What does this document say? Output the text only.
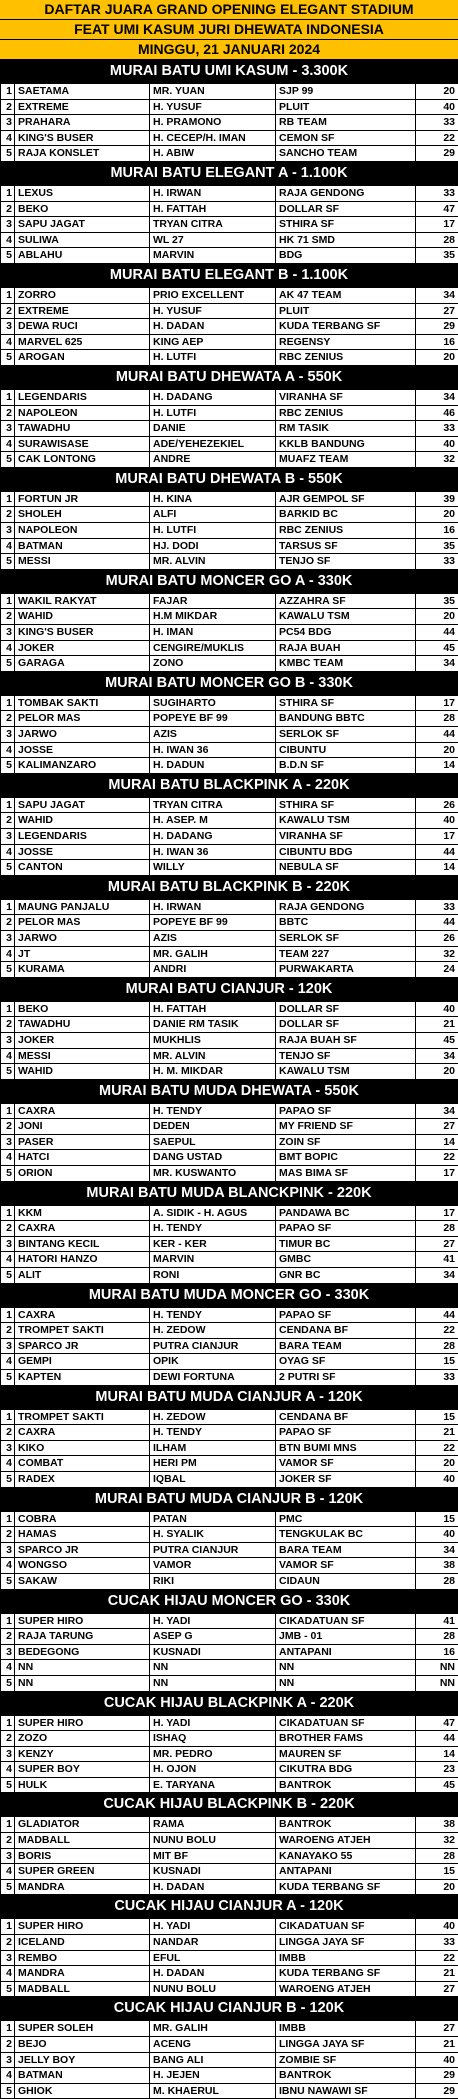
DAFTAR JUARA GRAND OPENING ELEGANT STADIUM
FEAT UMI KASUM JURI DHEWATA INDONESIA
MINGGU, 21 JANUARI 2024
MURAI BATU UMI KASUM - 3.300K
1	SAETAMA	MR. YUAN	SJP 99	20
2	EXTREME	H. YUSUF	PLUIT	40
3	PRAHARA	H. PRAMONO	RB TEAM	33
4	KING'S BUSER	H. CECEP/H. IMAN	CEMON SF	22
5	RAJA KONSLET	H. ABIW	SANCHO TEAM	29
MURAI BATU ELEGANT A - 1.100K
1	LEXUS	H. IRWAN	RAJA GENDONG	33
2	BEKO	H. FATTAH	DOLLAR SF	47
3	SAPU JAGAT	TRYAN CITRA	STHIRA SF	17
4	SULIWA	WL 27	HK 71 SMD	28
5	ABLAHU	MARVIN	BDG	35
MURAI BATU ELEGANT B - 1.100K
1	ZORRO	PRIO EXCELLENT	AK 47 TEAM	34
2	EXTREME	H. YUSUF	PLUIT	27
3	DEWA RUCI	H. DADAN	KUDA TERBANG SF	29
4	MARVEL 625	KING AEP	REGENSY	16
5	AROGAN	H. LUTFI	RBC ZENIUS	20
MURAI BATU DHEWATA A - 550K
1	LEGENDARIS	H. DADANG	VIRANHA SF	34
2	NAPOLEON	H. LUTFI	RBC ZENIUS	46
3	TAWADHU	DANIE	RM TASIK	33
4	SURAWISASE	ADE/YEHEZEKIEL	KKLB BANDUNG	40
5	CAK LONTONG	ANDRE	MUAFZ TEAM	32
MURAI BATU DHEWATA B - 550K
1	FORTUN JR	H. KINA	AJR GEMPOL SF	39
2	SHOLEH	ALFI	BARKID BC	20
3	NAPOLEON	H. LUTFI	RBC ZENIUS	16
4	BATMAN	HJ. DODI	TARSUS SF	35
5	MESSI	MR. ALVIN	TENJO SF	33
MURAI BATU MONCER GO A - 330K
1	WAKIL RAKYAT	FAJAR	AZZAHRA SF	35
2	WAHID	H.M MIKDAR	KAWALU TSM	20
3	KING'S BUSER	H. IMAN	PC54 BDG	44
4	JOKER	CENGIRE/MUKLIS	RAJA BUAH	45
5	GARAGA	ZONO	KMBC TEAM	34
MURAI BATU MONCER GO B - 330K
1	TOMBAK SAKTI	SUGIHARTO	STHIRA SF	17
2	PELOR MAS	POPEYE BF 99	BANDUNG BBTC	28
3	JARWO	AZIS	SERLOK SF	44
4	JOSSE	H. IWAN 36	CIBUNTU	20
5	KALIMANZARO	H. DADUN	B.D.N SF	14
MURAI BATU BLACKPINK A - 220K
1	SAPU JAGAT	TRYAN CITRA	STHIRA SF	26
2	WAHID	H. ASEP. M	KAWALU TSM	40
3	LEGENDARIS	H. DADANG	VIRANHA SF	17
4	JOSSE	H. IWAN 36	CIBUNTU BDG	44
5	CANTON	WILLY	NEBULA SF	14
MURAI BATU BLACKPINK B - 220K
1	MAUNG PANJALU	H. IRWAN	RAJA GENDONG	33
2	PELOR MAS	POPEYE BF 99	BBTC	44
3	JARWO	AZIS	SERLOK SF	26
4	JT	MR. GALIH	TEAM 227	32
5	KURAMA	ANDRI	PURWAKARTA	24
MURAI BATU CIANJUR - 120K
1	BEKO	H. FATTAH	DOLLAR SF	40
2	TAWADHU	DANIE RM TASIK	DOLLAR SF	21
3	JOKER	MUKHLIS	RAJA BUAH SF	45
4	MESSI	MR. ALVIN	TENJO SF	34
5	WAHID	H. M. MIKDAR	KAWALU TSM	20
MURAI BATU MUDA DHEWATA - 550K
1	CAXRA	H. TENDY	PAPAO SF	34
2	JONI	DEDEN	MY FRIEND SF	27
3	PASER	SAEPUL	ZOIN SF	14
4	HATCI	DANG USTAD	BMT BOPIC	22
5	ORION	MR. KUSWANTO	MAS BIMA SF	17
MURAI BATU MUDA BLANCKPINK - 220K
1	KKM	A. SIDIK - H. AGUS	PANDAWA BC	17
2	CAXRA	H. TENDY	PAPAO SF	28
3	BINTANG KECIL	KER - KER	TIMUR BC	27
4	HATORI HANZO	MARVIN	GMBC	41
5	ALIT	RONI	GNR BC	34
MURAI BATU MUDA MONCER GO - 330K
1	CAXRA	H. TENDY	PAPAO SF	44
2	TROMPET SAKTI	H. ZEDOW	CENDANA BF	22
3	SPARCO JR	PUTRA CIANJUR	BARA TEAM	28
4	GEMPI	OPIK	OYAG SF	15
5	KAPTEN	DEWI FORTUNA	2 PUTRI SF	33
MURAI BATU MUDA CIANJUR A - 120K
1	TROMPET SAKTI	H. ZEDOW	CENDANA BF	15
2	CAXRA	H. TENDY	PAPAO SF	21
3	KIKO	ILHAM	BTN BUMI MNS	22
4	COMBAT	HERI PM	VAMOR SF	20
5	RADEX	IQBAL	JOKER SF	40
MURAI BATU MUDA CIANJUR B - 120K
1	COBRA	PATAN	PMC	15
2	HAMAS	H. SYALIK	TENGKULAK BC	40
3	SPARCO JR	PUTRA CIANJUR	BARA TEAM	34
4	WONGSO	VAMOR	VAMOR SF	38
5	SAKAW	RIKI	CIDAUN	28
CUCAK HIJAU MONCER GO - 330K
1	SUPER HIRO	H. YADI	CIKADATUAN SF	41
2	RAJA TARUNG	ASEP G	JMB - 01	28
3	BEDEGONG	KUSNADI	ANTAPANI	16
4	NN	NN	NN	NN
5	NN	NN	NN	NN
CUCAK HIJAU BLACKPINK A - 220K
1	SUPER HIRO	H. YADI	CIKADATUAN SF	47
2	ZOZO	ISHAQ	BROTHER FAMS	44
3	KENZY	MR. PEDRO	MAUREN SF	14
4	SUPER BOY	H. OJON	CIKUTRA BDG	23
5	HULK	E. TARYANA	BANTROK	45
CUCAK HIJAU BLACKPINK B - 220K
1	GLADIATOR	RAMA	BANTROK	38
2	MADBALL	NUNU BOLU	WAROENG ATJEH	32
3	BORIS	MIT BF	KANAYAKO 55	28
4	SUPER GREEN	KUSNADI	ANTAPANI	15
5	MANDRA	H. DADAN	KUDA TERBANG SF	20
CUCAK HIJAU CIANJUR A - 120K
1	SUPER HIRO	H. YADI	CIKADATUAN SF	40
2	ICELAND	NANDAR	LINGGA JAYA SF	33
3	REMBO	EFUL	IMBB	22
4	MANDRA	H. DADAN	KUDA TERBANG SF	21
5	MADBALL	NUNU BOLU	WAROENG ATJEH	27
CUCAK HIJAU CIANJUR B - 120K
1	SUPER SOLEH	MR. GALIH	IMBB	27
2	BEJO	ACENG	LINGGA JAYA SF	21
3	JELLY BOY	BANG ALI	ZOMBIE SF	40
4	BATMAN	H. JEJEN	BANTROK	29
5	GHIOK	M. KHAERUL	IBNU NAWAWI SF	29
